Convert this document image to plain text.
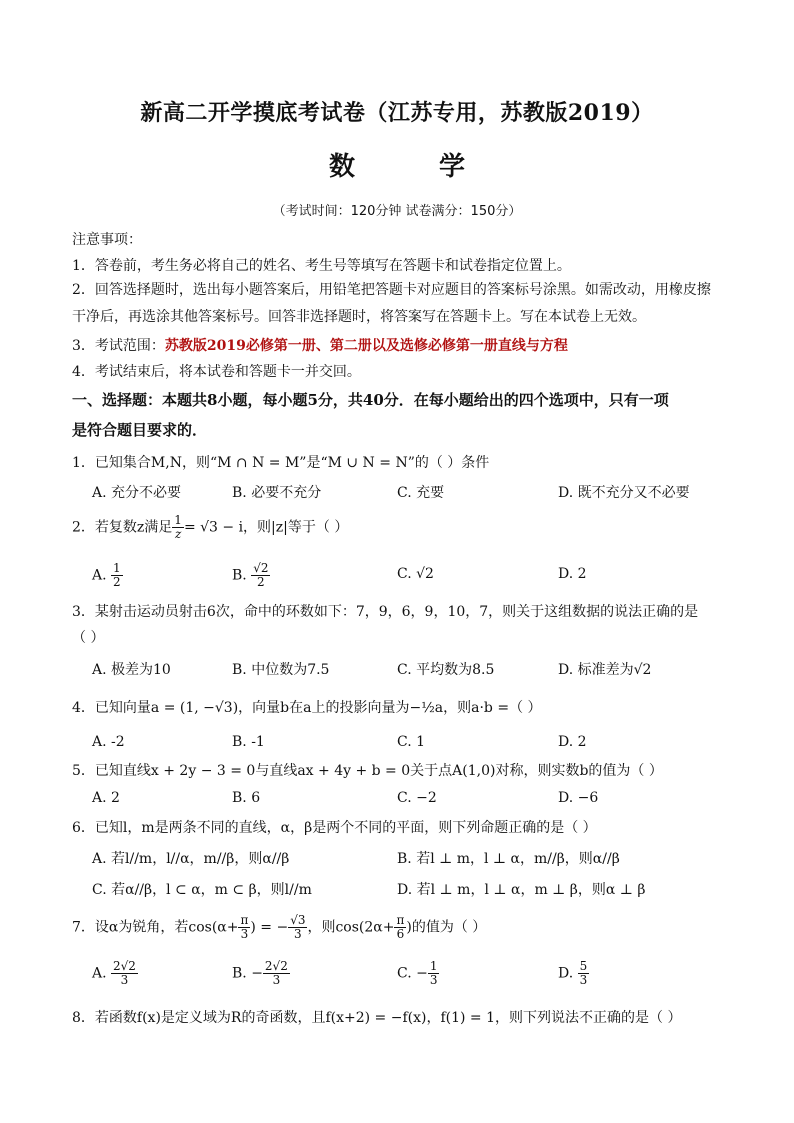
新高二开学摸底考试卷（江苏专用，苏教版2019）
数	学
（考试时间：120分钟 试卷满分：150分）
注意事项：
1．答卷前，考生务必将自己的姓名、考生号等填写在答题卡和试卷指定位置上。
2．回答选择题时，选出每小题答案后，用铅笔把答题卡对应题目的答案标号涂黑。如需改动，用橡皮擦干净后，再选涂其他答案标号。回答非选择题时，将答案写在答题卡上。写在本试卷上无效。
3．考试范围：苏教版2019必修第一册、第二册以及选修必修第一册直线与方程
4．考试结束后，将本试卷和答题卡一并交回。
一、选择题：本题共8小题，每小题5分，共40分．在每小题给出的四个选项中，只有一项
是符合题目要求的．
1．已知集合M,N，则“M ∩ N = M”是“M ∪ N = N”的（ ）条件
A. 充分不必要	B. 必要不充分	C. 充要	D. 既不充分又不必要
2．若复数z满足 $\frac{1}{z} = √3 - i$，则|z|等于（ ）
A. $\frac{1}{2}$	B. $\frac{√2}{2}$	C. √2	D. 2
3．某射击运动员射击6次，命中的环数如下：7，9，6，9，10，7，则关于这组数据的说法正确的是
（ ）
A. 极差为10	B. 中位数为7.5	C. 平均数为8.5	D. 标准差为√2
4．已知向量a = (1, −√3)，向量b在a上的投影向量为−½a，则a·b =（ ）
A. -2	B. -1	C. 1	D. 2
5．已知直线x + 2y − 3 = 0与直线ax + 4y + b = 0关于点A(1,0)对称，则实数b的值为（ ）
A. 2	B. 6	C. −2	D. −6
6．已知l，m是两条不同的直线，α，β是两个不同的平面，则下列命题正确的是（ ）
A. 若l//m，l//α，m//β，则α//β	B. 若l ⊥ m，l ⊥ α，m//β，则α//β
C. 若α//β，l ⊂ α，m ⊂ β，则l//m	D. 若l ⊥ m，l ⊥ α，m ⊥ β，则α ⊥ β
7．设α为锐角，若$\cos(\alpha+ \frac{\pi}{3}$ ) = − $\frac{√3}{3}$ ，则$\cos(2\alpha+ \frac{\pi}{6}$ )的值为（ ）
A. $\frac{2√2}{3}$	B. − $\frac{2√2}{3}$	C. − $\frac{1}{3}$	D. $\frac{5}{3}$
8．若函数f(x)是定义域为R的奇函数，且f(x+2) = −f(x)，f(1) = 1，则下列说法不正确的是（ ）
